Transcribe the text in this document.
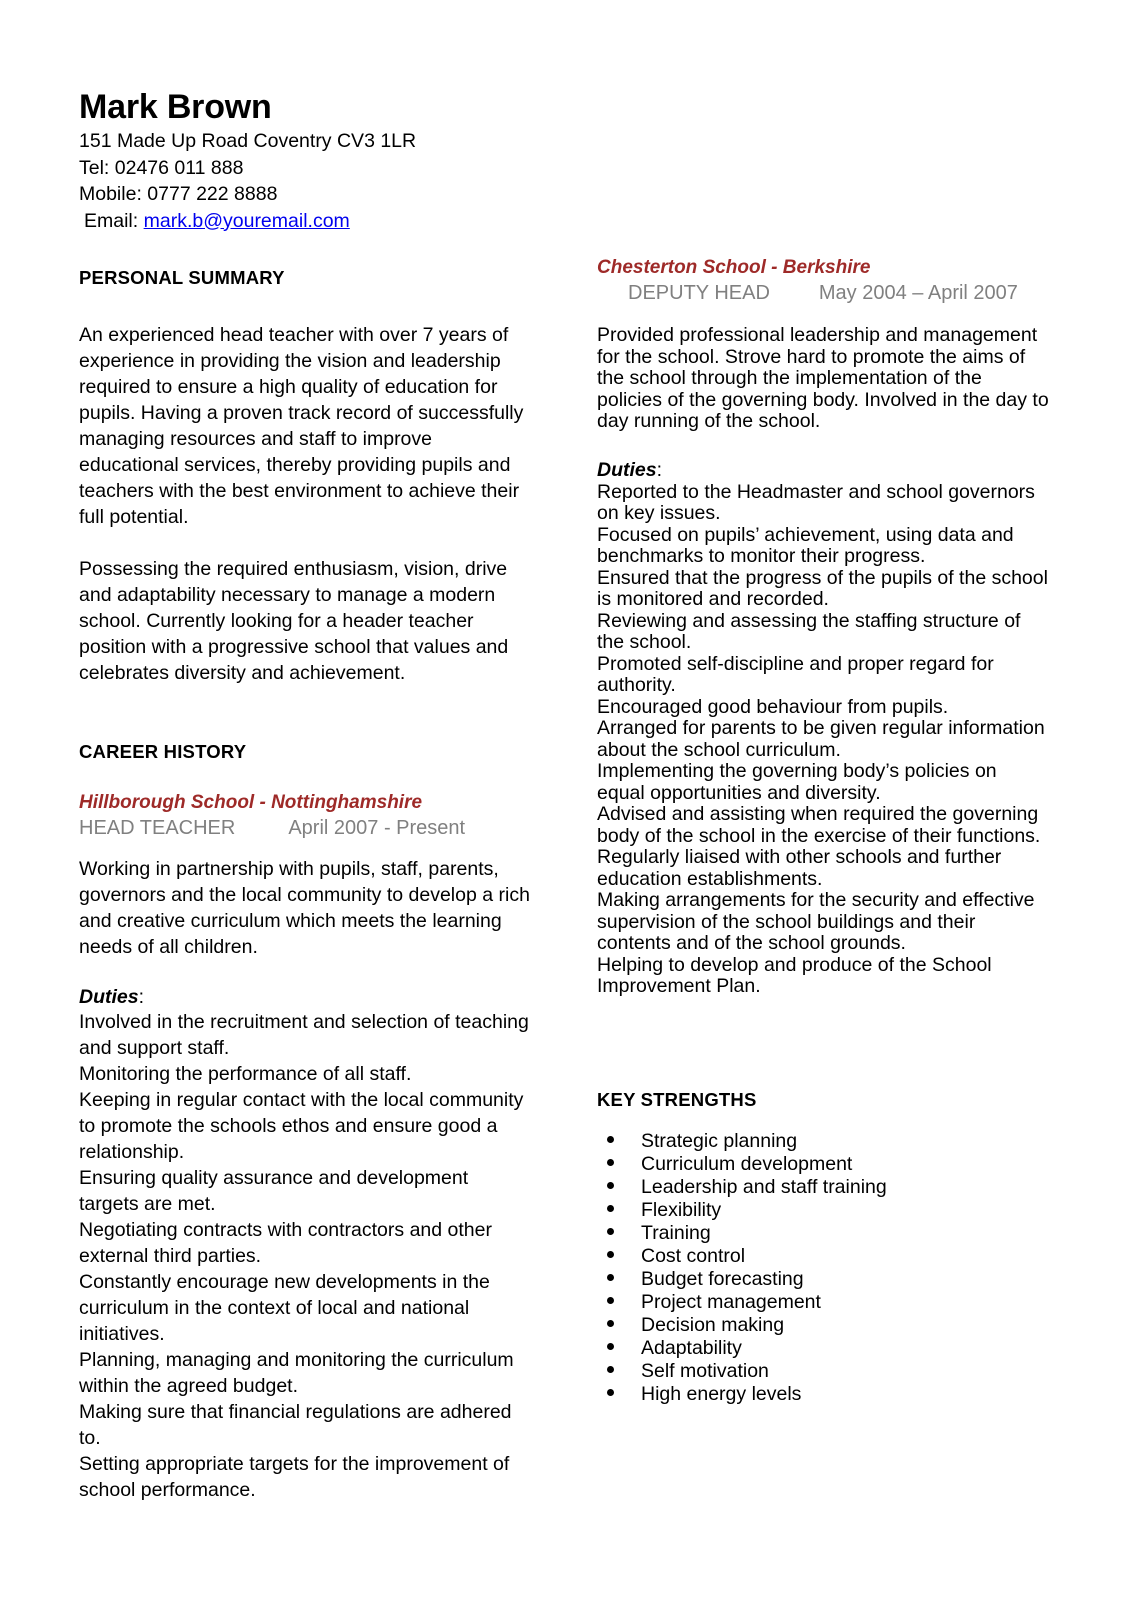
Mark Brown
151 Made Up Road Coventry CV3 1LR
Tel: 02476 011 888
Mobile: 0777 222 8888
Email: mark.b@youremail.com
PERSONAL SUMMARY
An experienced head teacher with over 7 years of experience in providing the vision and leadership required to ensure a high quality of education for pupils. Having a proven track record of successfully managing resources and staff to improve educational services, thereby providing pupils and teachers with the best environment to achieve their full potential.
Possessing the required enthusiasm, vision, drive and adaptability necessary to manage a modern school. Currently looking for a header teacher position with a progressive school that values and celebrates diversity and achievement.
CAREER HISTORY
Hillborough School - Nottinghamshire
HEAD TEACHER	April 2007 - Present
Working in partnership with pupils, staff, parents, governors and the local community to develop a rich and creative curriculum which meets the learning needs of all children.
Duties:
Involved in the recruitment and selection of teaching and support staff.
Monitoring the performance of all staff.
Keeping in regular contact with the local community to promote the schools ethos and ensure good a relationship.
Ensuring quality assurance and development targets are met.
Negotiating contracts with contractors and other external third parties.
Constantly encourage new developments in the curriculum in the context of local and national initiatives.
Planning, managing and monitoring the curriculum within the agreed budget.
Making sure that financial regulations are adhered to.
Setting appropriate targets for the improvement of school performance.
Chesterton School - Berkshire
DEPUTY HEAD May 2004 – April 2007
Provided professional leadership and management for the school. Strove hard to promote the aims of the school through the implementation of the policies of the governing body. Involved in the day to day running of the school.
Duties:
Reported to the Headmaster and school governors on key issues.
Focused on pupils’ achievement, using data and benchmarks to monitor their progress.
Ensured that the progress of the pupils of the school is monitored and recorded.
Reviewing and assessing the staffing structure of the school.
Promoted self-discipline and proper regard for authority.
Encouraged good behaviour from pupils.
Arranged for parents to be given regular information about the school curriculum.
Implementing the governing body’s policies on equal opportunities and diversity.
Advised and assisting when required the governing body of the school in the exercise of their functions.
Regularly liaised with other schools and further education establishments.
Making arrangements for the security and effective supervision of the school buildings and their contents and of the school grounds.
Helping to develop and produce of the School Improvement Plan.
KEY STRENGTHS
Strategic planning
Curriculum development
Leadership and staff training
Flexibility
Training
Cost control
Budget forecasting
Project management
Decision making
Adaptability
Self motivation
High energy levels
